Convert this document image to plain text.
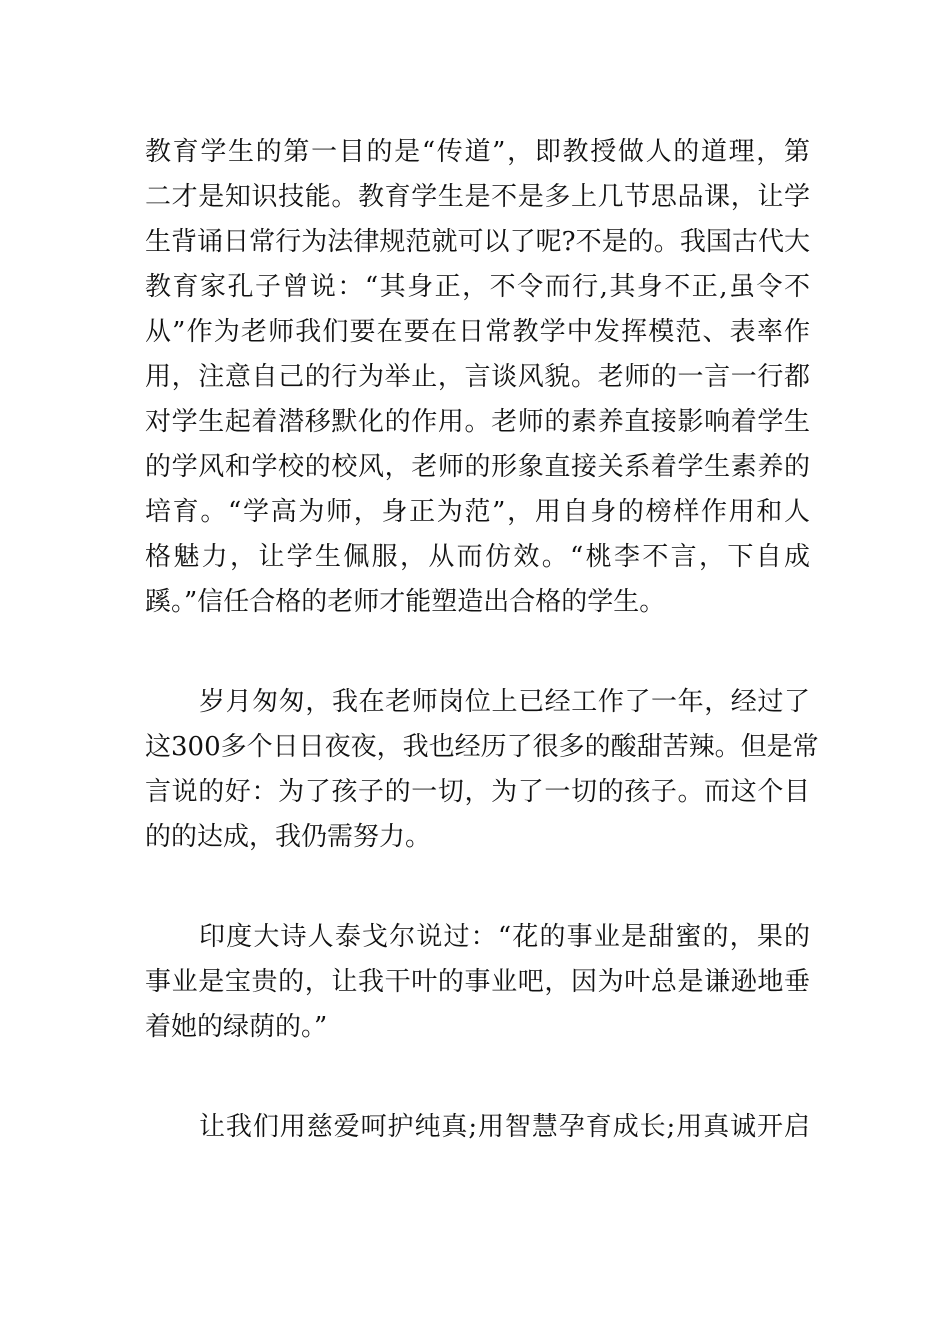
教育学生的第一目的是“传道”，即教授做人的道理，第
二才是知识技能。教育学生是不是多上几节思品课，让学
生背诵日常行为法律规范就可以了呢?不是的。我国古代大
教育家孔子曾说：“其身正，不令而行,其身不正,虽令不
从”作为老师我们要在要在日常教学中发挥模范、表率作
用，注意自己的行为举止，言谈风貌。老师的一言一行都
对学生起着潜移默化的作用。老师的素养直接影响着学生
的学风和学校的校风，老师的形象直接关系着学生素养的
培育。“学高为师，身正为范”，用自身的榜样作用和人
格魅力，让学生佩服，从而仿效。“桃李不言，下自成
蹊。”信任合格的老师才能塑造出合格的学生。
岁月匆匆，我在老师岗位上已经工作了一年，经过了
这300多个日日夜夜，我也经历了很多的酸甜苦辣。但是常
言说的好：为了孩子的一切，为了一切的孩子。而这个目
的的达成，我仍需努力。
印度大诗人泰戈尔说过：“花的事业是甜蜜的，果的
事业是宝贵的，让我干叶的事业吧，因为叶总是谦逊地垂
着她的绿荫的。”
让我们用慈爱呵护纯真;用智慧孕育成长;用真诚开启
